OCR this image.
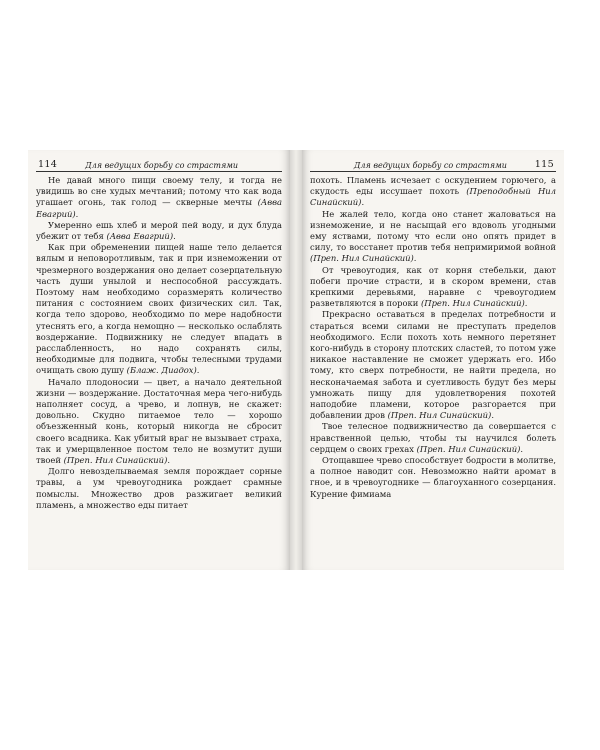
114	Для ведущих борьбу со страстями

Не давай много пищи своему телу, и тогда не увидишь во сне худых мечтаний; потому что как вода угашает огонь, так голод — скверные мечты (Авва Евагрий).

Умеренно ешь хлеб и мерой пей воду, и дух блуда убежит от тебя (Авва Евагрий).

Как при обременении пищей наше тело делается вялым и неповоротливым, так и при изнеможении от чрезмерного воздержания оно делает созерцательную часть души унылой и неспособной рассуждать. Поэтому нам необходимо соразмерять количество питания с состоянием своих физических сил. Так, когда тело здорово, необходимо по мере надобности утеснять его, а когда немощно — несколько ослаблять воздержание. Подвижнику не следует впадать в расслабленность, но надо сохранять силы, необходимые для подвига, чтобы телесными трудами очищать свою душу (Блаж. Диадох).

Начало плодоносии — цвет, а начало деятельной жизни — воздержание. Достаточная мера чего-нибудь наполняет сосуд, а чрево, и лопнув, не скажет: довольно. Скудно питаемое тело — хорошо объезженный конь, который никогда не сбросит своего всадника. Как убитый враг не вызывает страха, так и умерщвленное постом тело не возмутит души твоей (Преп. Нил Синайский).

Долго невозделываемая земля порождает сорные травы, а ум чревоугодника рождает срамные помыслы. Множество дров разжигает великий пламень, а множество еды питает

Для ведущих борьбу со страстями	115

похоть. Пламень исчезает с оскудением горючего, а скудость еды иссушает похоть (Преподобный Нил Синайский).

Не жалей тело, когда оно станет жаловаться на изнеможение, и не насыщай его вдоволь угодными ему яствами, потому что если оно опять придет в силу, то восстанет против тебя непримиримой войной (Преп. Нил Синайский).

От чревоугодия, как от корня стебельки, дают побеги прочие страсти, и в скором времени, став крепкими деревьями, наравне с чревоугодием разветвляются в пороки (Преп. Нил Синайский).

Прекрасно оставаться в пределах потребности и стараться всеми силами не преступать пределов необходимого. Если похоть хоть немного перетянет кого-нибудь в сторону плотских сластей, то потом уже никакое наставление не сможет удержать его. Ибо тому, кто сверх потребности, не найти предела, но несконачаемая забота и суетливость будут без меры умножать пищу для удовлетворения похотей наподобие пламени, которое разгорается при добавлении дров (Преп. Нил Синайский).

Твое телесное подвижничество да совершается с нравственной целью, чтобы ты научился болеть сердцем о своих грехах (Преп. Нил Синайский).

Отощавшее чрево способствует бодрости в молитве, а полное наводит сон. Невозможно найти аромат в гное, и в чревоугоднике — благоуханного созерцания. Курение фимиама
